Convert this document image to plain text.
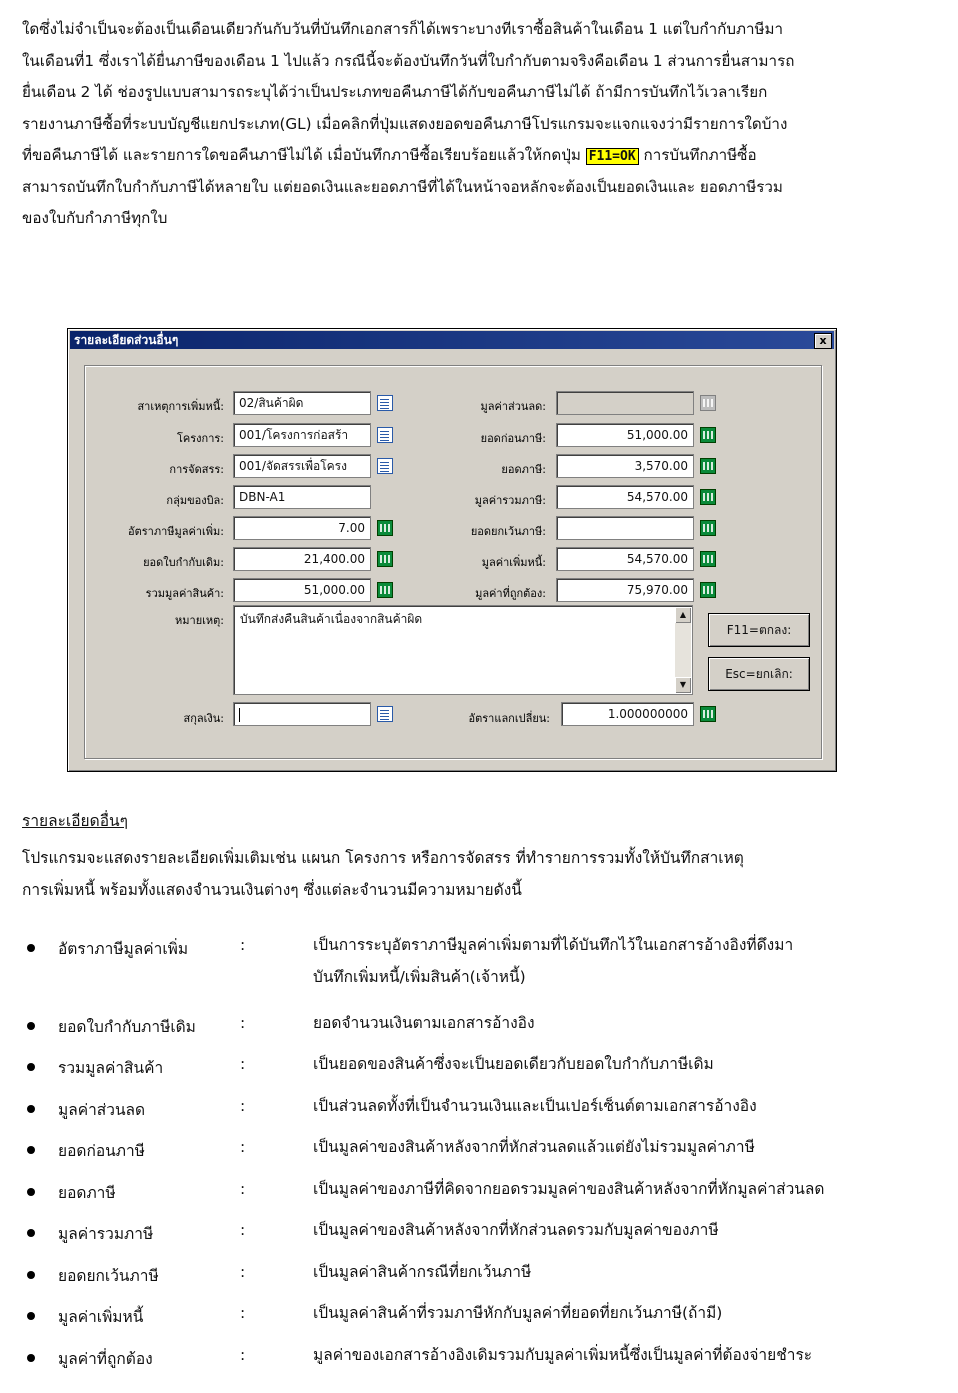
ใดซึ่งไม่จำเป็นจะต้องเป็นเดือนเดียวกันกับวันที่บันทึกเอกสารก็ได้เพราะบางทีเราซื้อสินค้าในเดือน 1 แต่ใบกำกับภาษีมา
ในเดือนที่1 ซึ่งเราได้ยื่นภาษีของเดือน 1 ไปแล้ว กรณีนี้จะต้องบันทึกวันที่ใบกำกับตามจริงคือเดือน 1 ส่วนการยื่นสามารถ
ยื่นเดือน 2 ได้ ช่องรูปแบบสามารถระบุได้ว่าเป็นประเภทขอคืนภาษีได้กับขอคืนภาษีไม่ได้ ถ้ามีการบันทึกไว้เวลาเรียก
รายงานภาษีซื้อที่ระบบบัญชีแยกประเภท(GL) เมื่อคลิกที่ปุ่มแสดงยอดขอคืนภาษีโปรแกรมจะแจกแจงว่ามีรายการใดบ้าง
ที่ขอคืนภาษีได้ และรายการใดขอคืนภาษีไม่ได้ เมื่อบันทึกภาษีซื้อเรียบร้อยแล้วให้กดปุ่ม F11=OK การบันทึกภาษีซื้อ
สามารถบันทึกใบกำกับภาษีได้หลายใบ แต่ยอดเงินและยอดภาษีที่ได้ในหน้าจอหลักจะต้องเป็นยอดเงินและ ยอดภาษีรวม
ของใบกับกำภาษีทุกใบ
รายละเอียดส่วนอื่นๆ	x
สาเหตุการเพิ่มหนี้:	02/สินค้าผิด
โครงการ:	001/โครงการก่อสร้า
การจัดสรร:	001/จัดสรรเพื่อโครง
กลุ่มของบิล:	DBN-A1
อัตราภาษีมูลค่าเพิ่ม:	7.00
ยอดใบกำกับเดิม:	21,400.00
รวมมูลค่าสินค้า:	51,000.00
มูลค่าส่วนลด:
ยอดก่อนภาษี:	51,000.00
ยอดภาษี:	3,570.00
มูลค่ารวมภาษี:	54,570.00
ยอดยกเว้นภาษี:
มูลค่าเพิ่มหนี้:	54,570.00
มูลค่าที่ถูกต้อง:	75,970.00
หมายเหตุ:	บันทึกส่งคืนสินค้าเนื่องจากสินค้าผิด	▲
▼
F11=ตกลง:
Esc=ยกเลิก:
สกุลเงิน:	อัตราแลกเปลี่ยน:	1.000000000
รายละเอียดอื่นๆ
โปรแกรมจะแสดงรายละเอียดเพิ่มเติมเช่น แผนก โครงการ หรือการจัดสรร ที่ทำรายการรวมทั้งให้บันทึกสาเหตุ
การเพิ่มหนี้ พร้อมทั้งแสดงจำนวนเงินต่างๆ ซึ่งแต่ละจำนวนมีความหมายดังนี้
อัตราภาษีมูลค่าเพิ่ม	:	เป็นการระบุอัตราภาษีมูลค่าเพิ่มตามที่ได้บันทึกไว้ในเอกสารอ้างอิงที่ดึงมา
บันทึกเพิ่มหนี้/เพิ่มสินค้า(เจ้าหนี้)
ยอดใบกำกับภาษีเดิม	:	ยอดจำนวนเงินตามเอกสารอ้างอิง
รวมมูลค่าสินค้า	:	เป็นยอดของสินค้าซึ่งจะเป็นยอดเดียวกับยอดใบกำกับภาษีเดิม
มูลค่าส่วนลด	:	เป็นส่วนลดทั้งที่เป็นจำนวนเงินและเป็นเปอร์เซ็นต์ตามเอกสารอ้างอิง
ยอดก่อนภาษี	:	เป็นมูลค่าของสินค้าหลังจากที่หักส่วนลดแล้วแต่ยังไม่รวมมูลค่าภาษี
ยอดภาษี	:	เป็นมูลค่าของภาษีที่คิดจากยอดรวมมูลค่าของสินค้าหลังจากที่หักมูลค่าส่วนลด
มูลค่ารวมภาษี	:	เป็นมูลค่าของสินค้าหลังจากที่หักส่วนลดรวมกับมูลค่าของภาษี
ยอดยกเว้นภาษี	:	เป็นมูลค่าสินค้ากรณีที่ยกเว้นภาษี
มูลค่าเพิ่มหนี้	:	เป็นมูลค่าสินค้าที่รวมภาษีหักกับมูลค่าที่ยอดที่ยกเว้นภาษี(ถ้ามี)
มูลค่าที่ถูกต้อง	:	มูลค่าของเอกสารอ้างอิงเดิมรวมกับมูลค่าเพิ่มหนี้ซึ่งเป็นมูลค่าที่ต้องจ่ายชำระ
